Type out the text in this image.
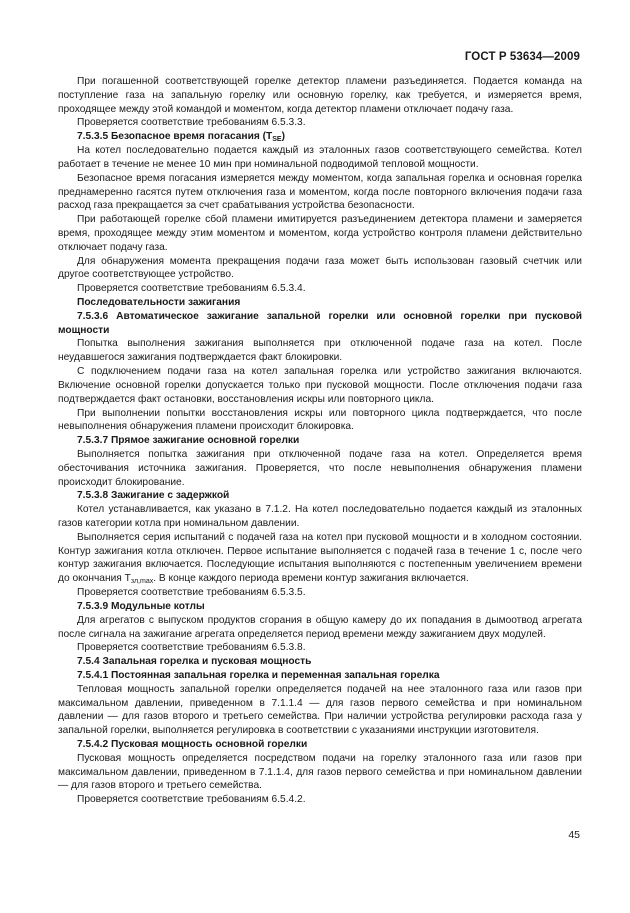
ГОСТ Р 53634—2009

При погашенной соответствующей горелке детектор пламени разъединяется. Подается команда на поступление газа на запальную горелку или основную горелку, как требуется, и измеряется время, проходящее между этой командой и моментом, когда детектор пламени отключает подачу газа.

Проверяется соответствие требованиям 6.5.3.3.

7.5.3.5 Безопасное время погасания $(T_{SE})$

На котел последовательно подается каждый из эталонных газов соответствующего семейства. Котел работает в течение не менее 10 мин при номинальной подводимой тепловой мощности.

Безопасное время погасания измеряется между моментом, когда запальная горелка и основная горелка преднамеренно гасятся путем отключения газа и моментом, когда после повторного включения подачи газа расход газа прекращается за счет срабатывания устройства безопасности.

При работающей горелке сбой пламени имитируется разъединением детектора пламени и замеряется время, проходящее между этим моментом и моментом, когда устройство контроля пламени действительно отключает подачу газа.

Для обнаружения момента прекращения подачи газа может быть использован газовый счетчик или другое соответствующее устройство.

Проверяется соответствие требованиям 6.5.3.4.

Последовательности зажигания

7.5.3.6 Автоматическое зажигание запальной горелки или основной горелки при пусковой мощности

Попытка выполнения зажигания выполняется при отключенной подаче газа на котел. После неудавшегося зажигания подтверждается факт блокировки.

С подключением подачи газа на котел запальная горелка или устройство зажигания включаются. Включение основной горелки допускается только при пусковой мощности. После отключения подачи газа подтверждается факт остановки, восстановления искры или повторного цикла.

При выполнении попытки восстановления искры или повторного цикла подтверждается, что после невыполнения обнаружения пламени происходит блокировка.

7.5.3.7 Прямое зажигание основной горелки

Выполняется попытка зажигания при отключенной подаче газа на котел. Определяется время обесточивания источника зажигания. Проверяется, что после невыполнения обнаружения пламени происходит блокирование.

7.5.3.8 Зажигание с задержкой

Котел устанавливается, как указано в 7.1.2. На котел последовательно подается каждый из эталонных газов категории котла при номинальном давлении.

Выполняется серия испытаний с подачей газа на котел при пусковой мощности и в холодном состоянии. Контур зажигания котла отключен. Первое испытание выполняется с подачей газа в течение 1 с, после чего контур зажигания включается. Последующие испытания выполняются с постепенным увеличением времени до окончания $T_{зл,max}$. В конце каждого периода времени контур зажигания включается.

Проверяется соответствие требованиям 6.5.3.5.

7.5.3.9 Модульные котлы

Для агрегатов с выпуском продуктов сгорания в общую камеру до их попадания в дымоотвод агрегата после сигнала на зажигание агрегата определяется период времени между зажиганием двух модулей.

Проверяется соответствие требованиям 6.5.3.8.

7.5.4 Запальная горелка и пусковая мощность

7.5.4.1 Постоянная запальная горелка и переменная запальная горелка

Тепловая мощность запальной горелки определяется подачей на нее эталонного газа или газов при максимальном давлении, приведенном в 7.1.1.4 — для газов первого семейства и при номинальном давлении — для газов второго и третьего семейства. При наличии устройства регулировки расхода газа у запальной горелки, выполняется регулировка в соответствии с указаниями инструкции изготовителя.

7.5.4.2 Пусковая мощность основной горелки

Пусковая мощность определяется посредством подачи на горелку эталонного газа или газов при максимальном давлении, приведенном в 7.1.1.4, для газов первого семейства и при номинальном давлении — для газов второго и третьего семейства.

Проверяется соответствие требованиям 6.5.4.2.

45
